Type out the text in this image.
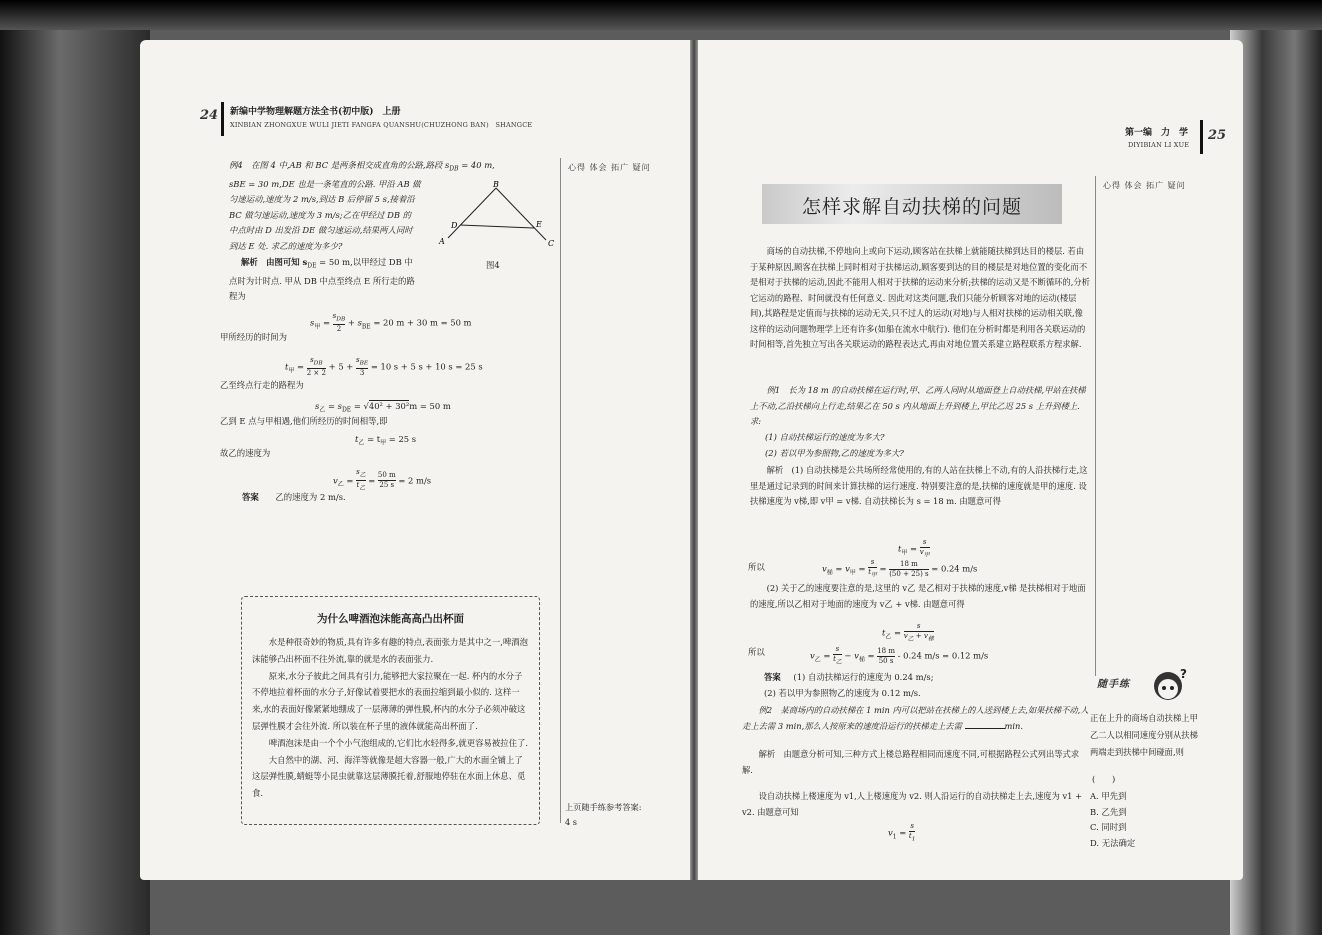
24 新编中学物理解题方法全书(初中版)　上册
XINBIAN ZHONGXUE WULI JIETI FANGFA QUANSHU(CHUZHONG BAN)　SHANGCE
心得 体会 拓广 疑问

例4　在图 4 中,AB 和 BC 是两条相交成直角的公路,路段 $s_{DB} = 40$ m,

sBE = 30 m,DE 也是一条笔直的公路. 甲沿 AB 做

匀速运动,速度为 2 m/s,到达 B 后停留 5 s,接着沿

BC 做匀速运动,速度为 3 m/s;乙在甲经过 DB 的

中点时由 D 出发沿 DE 做匀速运动,结果两人同时

到达 E 处. 求乙的速度为多少?

B
A	C
D	E
图4

解析　由图可知 $s_{DE} = 50$ m,以甲经过 DB 中

点时为计时点. 甲从 DB 中点至终点 E 所行走的路

程为

$s_甲$ =
$s_{DB}$
2
+ $s_{BE} = 20$ m + 30 m = 50 m
甲所经历的时间为
$t_甲$ =
$s_{DB}$
2 × 2
+ 5 +
$s_{BE}$
3
= 10 s + 5 s + 10 s = 25 s
乙至终点行走的路程为
$s_乙 = s_{DE} = √40^2 + 30^2m = 50$ m
乙到 E 点与甲相遇,他们所经历的时间相等,即
$t_乙 = t_甲 = 25$ s
故乙的速度为
$v_乙$ =
$s_乙$
$t_乙$
= $\frac{50 m}{25 s} = 2$ m/s
答案 乙的速度为 2 m/s.
为什么啤酒泡沫能高高凸出杯面
水是种很奇妙的物质,具有许多有趣的特点,表面张力是其中之一,啤酒泡沫能够凸出杯面不往外流,靠的就是水的表面张力.
原来,水分子彼此之间具有引力,能够把大家拉聚在一起. 杯内的水分子不停地拉着杯面的水分子,好像试着要把水的表面拉缩到最小似的. 这样一来,水的表面好像紧紧地绷成了一层薄薄的弹性膜,杯内的水分子必须冲破这层弹性膜才会往外流. 所以装在杯子里的液体就能高出杯面了.
啤酒泡沫是由一个个小气泡组成的,它们比水轻得多,就更容易被拉住了.
大自然中的湖、河、海洋等就像是超大容器一般,广大的水面全铺上了这层弹性膜,蜻蜓等小昆虫就靠这层薄膜托着,舒服地停驻在水面上休息、觅食.
上页随手练参考答案:
4 s
第一编　力　学
DIYIBIAN LI XUE
25
心得 体会 拓广 疑问
怎样求解自动扶梯的问题
商场的自动扶梯,不停地向上或向下运动,顾客站在扶梯上就能随扶梯到达目的楼层. 若由于某种原因,顾客在扶梯上同时相对于扶梯运动,顾客要到达的目的楼层是对地位置的变化而不是相对于扶梯的运动,因此不能用人相对于扶梯的运动来分析;扶梯的运动又是不断循环的,分析它运动的路程、时间就没有任何意义. 因此对这类问题,我们只能分析顾客对地的运动(楼层间),其路程是定值而与扶梯的运动无关,只不过人的运动(对地)与人相对扶梯的运动相关联,像这样的运动问题物理学上还有许多(如船在流水中航行). 他们在分析时都是利用各关联运动的时间相等,首先独立写出各关联运动的路程表达式,再由对地位置关系建立路程联系方程求解.
例1　长为 18 m 的自动扶梯在运行时,甲、乙两人同时从地面登上自动扶梯,甲站在扶梯上不动,乙沿扶梯向上行走,结果乙在 50 s 内从地面上升到楼上,甲比乙迟 25 s 上升到楼上. 求:
(1) 自动扶梯运行的速度为多大?
(2) 若以甲为参照物,乙的速度为多大?
解析　(1) 自动扶梯是公共场所经常使用的,有的人站在扶梯上不动,有的人沿扶梯行走,这里是通过记录到的时间来计算扶梯的运行速度. 特别要注意的是,扶梯的速度就是甲的速度. 设扶梯速度为 v梯,即 v甲 = v梯. 自动扶梯长为 s = 18 m. 由题意可得
$t_甲$ =
s
$v_甲$
所以	$v_梯 = v_甲$ =
s
$t_甲$
= $\frac{18 m}{(50 + 25) s} = 0.24$ m/s
(2) 关于乙的速度要注意的是,这里的 v乙 是乙相对于扶梯的速度,v梯 是扶梯相对于地面的速度,所以乙相对于地面的速度为 v乙 + v梯. 由题意可得
$t_乙$ =
s
$v_乙 + v_梯$
所以	$v_乙$ =
s
$t_乙$
− $v_梯 = \frac{18 m}{50 s} - 0.24$ m/s = 0.12 m/s
答案 (1) 自动扶梯运行的速度为 0.24 m/s;
(2) 若以甲为参照物乙的速度为 0.12 m/s.
例2　某商场内的自动扶梯在 1 min 内可以把站在扶梯上的人送到楼上去,如果扶梯不动,人走上去需 3 min,那么人按原来的速度沿运行的扶梯走上去需	min.
解析　由题意分析可知,三种方式上楼总路程相同而速度不同,可根据路程公式列出等式求解.
设自动扶梯上楼速度为 v1,人上楼速度为 v2. 则人沿运行的自动扶梯走上去,速度为 v1 + v2. 由题意可知
$v_1 = \frac{s}{t_1}$
随手练
?
正在上升的商场自动扶梯上甲乙二人以相同速度分别从扶梯两端走到扶梯中间碰面,则
(　　)
A. 甲先到
B. 乙先到
C. 同时到
D. 无法确定
